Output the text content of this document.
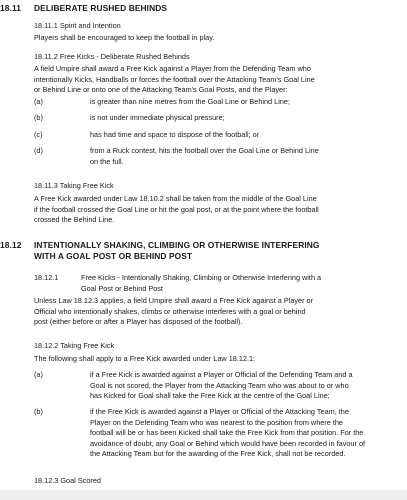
18.11	DELIBERATE RUSHED BEHINDS
18.11.1 Spirit and Intention
Players shall be encouraged to keep the football in play.
18.11.2 Free Kicks - Deliberate Rushed Behinds
A field Umpire shall award a Free Kick against a Player from the Defending Team who
intentionally Kicks, Handballs or forces the football over the Attacking Team's Goal Line
or Behind Line or onto one of the Attacking Team's Goal Posts, and the Player:
(a)	is greater than nine metres from the Goal Line or Behind Line;
(b)	is not under immediate physical pressure;
(c)	has had time and space to dispose of the football; or
(d)	from a Ruck contest, hits the football over the Goal Line or Behind Line
on the full.
18.11.3 Taking Free Kick
A Free Kick awarded under Law 18.10.2 shall be taken from the middle of the Goal Line
if the football crossed the Goal Line or hit the goal post, or at the point where the football
crossed the Behind Line.
18.12	INTENTIONALLY SHAKING, CLIMBING OR OTHERWISE INTERFERING
WITH A GOAL POST OR BEHIND POST
18.12.1	Free Kicks - Intentionally Shaking, Climbing or Otherwise Interfering with a
Goal Post or Behind Post
Unless Law 18.12.3 applies, a field Umpire shall award a Free Kick against a Player or
Official who intentionally shakes, climbs or otherwise interferes with a goal or behind
post (either before or after a Player has disposed of the football).
18.12.2 Taking Free Kick
The following shall apply to a Free Kick awarded under Law 18.12.1:
(a)	if a Free Kick is awarded against a Player or Official of the Defending Team and a
Goal is not scored, the Player from the Attacking Team who was about to or who
has Kicked for Goal shall take the Free Kick at the centre of the Goal Line;
(b)	if the Free Kick is awarded against a Player or Official of the Attacking Team, the
Player on the Defending Team who was nearest to the position from where the
football will be or has been Kicked shall take the Free Kick from that position. For the
avoidance of doubt, any Goal or Behind which would have been recorded in favour of
the Attacking Team but for the awarding of the Free Kick, shall not be recorded.
18.12.3 Goal Scored
